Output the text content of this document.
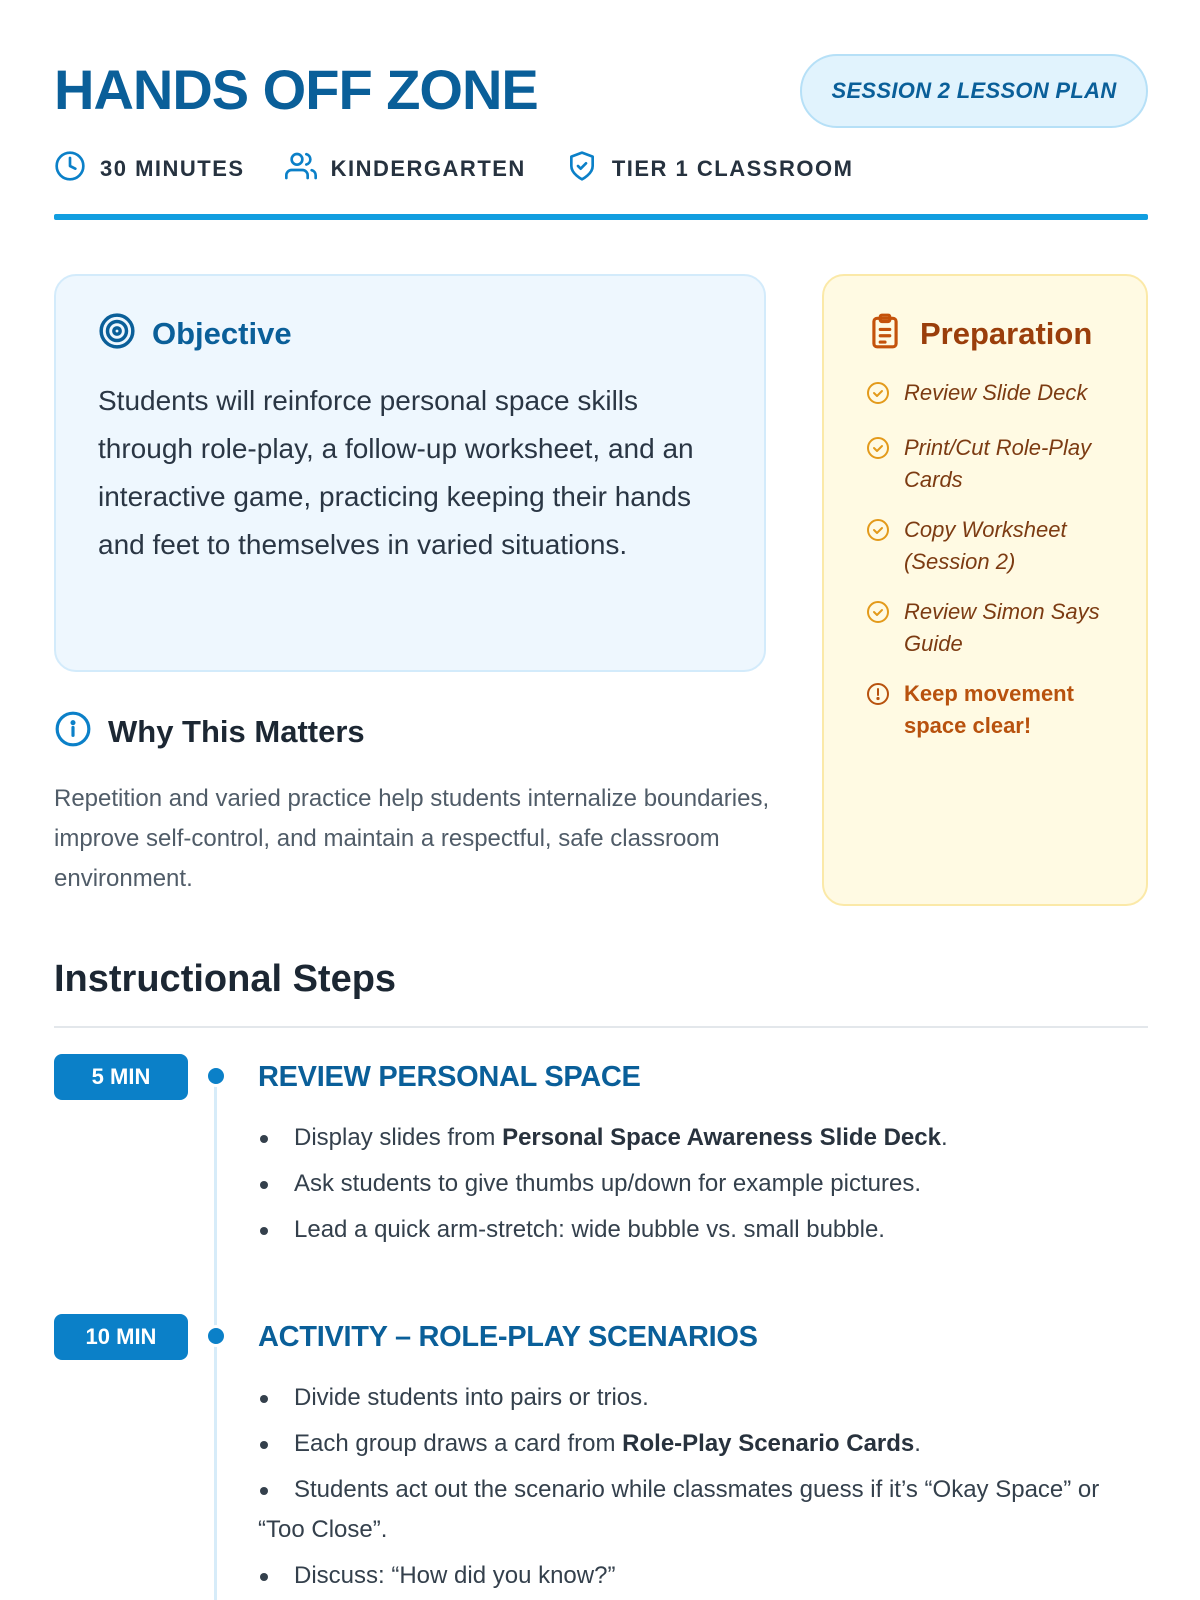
HANDS OFF ZONE	SESSION 2 LESSON PLAN
30 MINUTES	KINDERGARTEN	TIER 1 CLASSROOM
Objective

Students will reinforce personal space skills through role-play, a follow-up worksheet, and an interactive game, practicing keeping their hands and feet to themselves in varied situations.

Why This Matters

Repetition and varied practice help students internalize boundaries, improve self-control, and maintain a respectful, safe classroom environment.

Preparation
Review Slide Deck
Print/Cut Role-Play Cards
Copy Worksheet (Session 2)
Review Simon Says Guide
Keep movement space clear!
Instructional Steps
5 MIN	REVIEW PERSONAL SPACE
Display slides from Personal Space Awareness Slide Deck.
Ask students to give thumbs up/down for example pictures.
Lead a quick arm-stretch: wide bubble vs. small bubble.
10 MIN	ACTIVITY – ROLE-PLAY SCENARIOS
Divide students into pairs or trios.
Each group draws a card from Role-Play Scenario Cards.
Students act out the scenario while classmates guess if it’s “Okay Space” or “Too Close”.
Discuss: “How did you know?”
